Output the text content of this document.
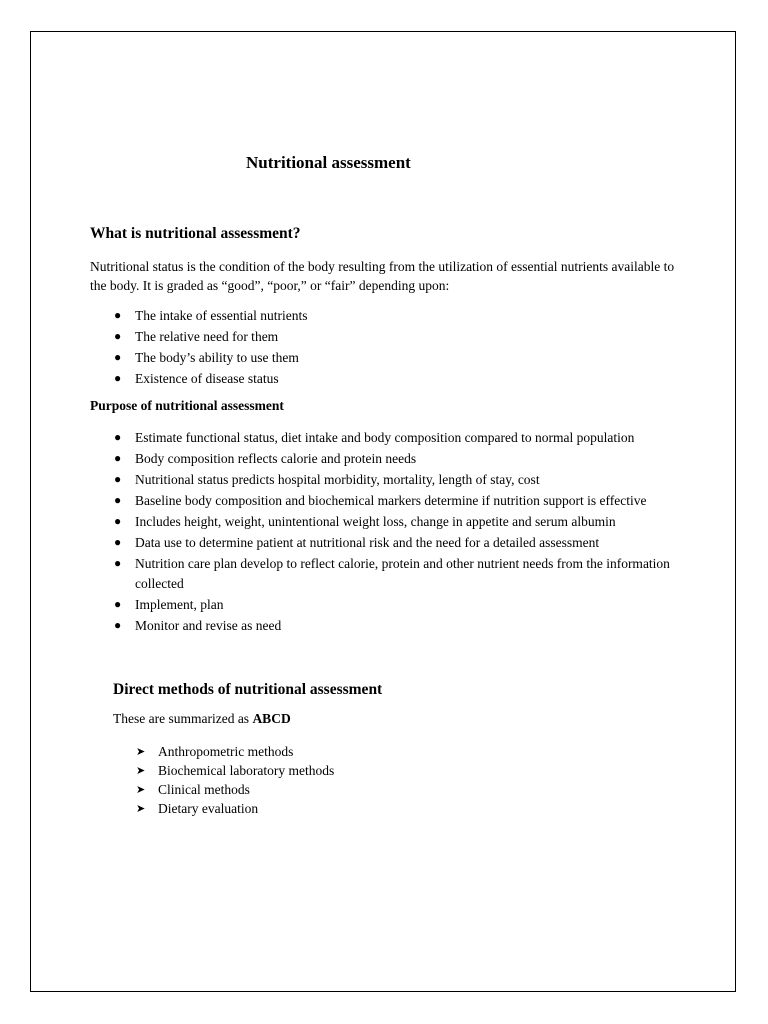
Nutritional assessment
What is nutritional assessment?

Nutritional status is the condition of the body resulting from the utilization of essential nutrients available to the body. It is graded as “good”, “poor,” or “fair” depending upon:

● The intake of essential nutrients
● The relative need for them
● The body’s ability to use them
● Existence of disease status
Purpose of nutritional assessment
● Estimate functional status, diet intake and body composition compared to normal population
● Body composition reflects calorie and protein needs
● Nutritional status predicts hospital morbidity, mortality, length of stay, cost
● Baseline body composition and biochemical markers determine if nutrition support is effective
● Includes height, weight, unintentional weight loss, change in appetite and serum albumin
● Data use to determine patient at nutritional risk and the need for a detailed assessment
● Nutrition care plan develop to reflect calorie, protein and other nutrient needs from the information collected
● Implement, plan
● Monitor and revise as need
Direct methods of nutritional assessment

These are summarized as ABCD

➤ Anthropometric methods
➤ Biochemical laboratory methods
➤ Clinical methods
➤ Dietary evaluation
